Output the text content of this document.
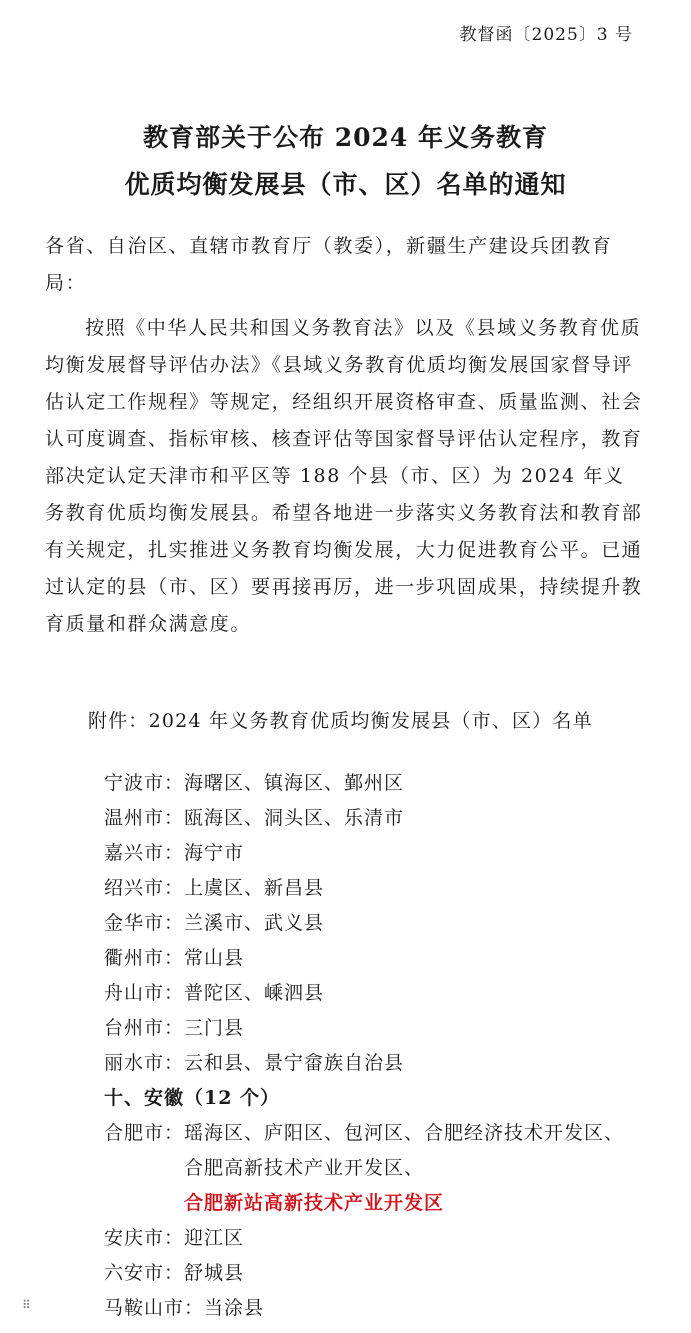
教督函〔2025〕3 号
教育部关于公布 2024 年义务教育
优质均衡发展县（市、区）名单的通知
各省、自治区、直辖市教育厅（教委），新疆生产建设兵团教育局：
按照《中华人民共和国义务教育法》以及《县域义务教育优质均衡发展督导评估办法》《县域义务教育优质均衡发展国家督导评估认定工作规程》等规定，经组织开展资格审查、质量监测、社会认可度调查、指标审核、核查评估等国家督导评估认定程序，教育部决定认定天津市和平区等 188 个县（市、区）为 2024 年义务教育优质均衡发展县。希望各地进一步落实义务教育法和教育部有关规定，扎实推进义务教育均衡发展，大力促进教育公平。已通过认定的县（市、区）要再接再厉，进一步巩固成果，持续提升教育质量和群众满意度。
附件：2024 年义务教育优质均衡发展县（市、区）名单
宁波市： 海曙区、镇海区、鄞州区
温州市： 瓯海区、洞头区、乐清市
嘉兴市： 海宁市
绍兴市： 上虞区、新昌县
金华市： 兰溪市、武义县
衢州市： 常山县
舟山市： 普陀区、嵊泗县
台州市： 三门县
丽水市： 云和县、景宁畲族自治县
十、安徽（12 个）
合肥市： 瑶海区、庐阳区、包河区、合肥经济技术开发区、
合肥高新技术产业开发区、
合肥新站高新技术产业开发区
安庆市： 迎江区
六安市： 舒城县
马鞍山市： 当涂县
⠿
